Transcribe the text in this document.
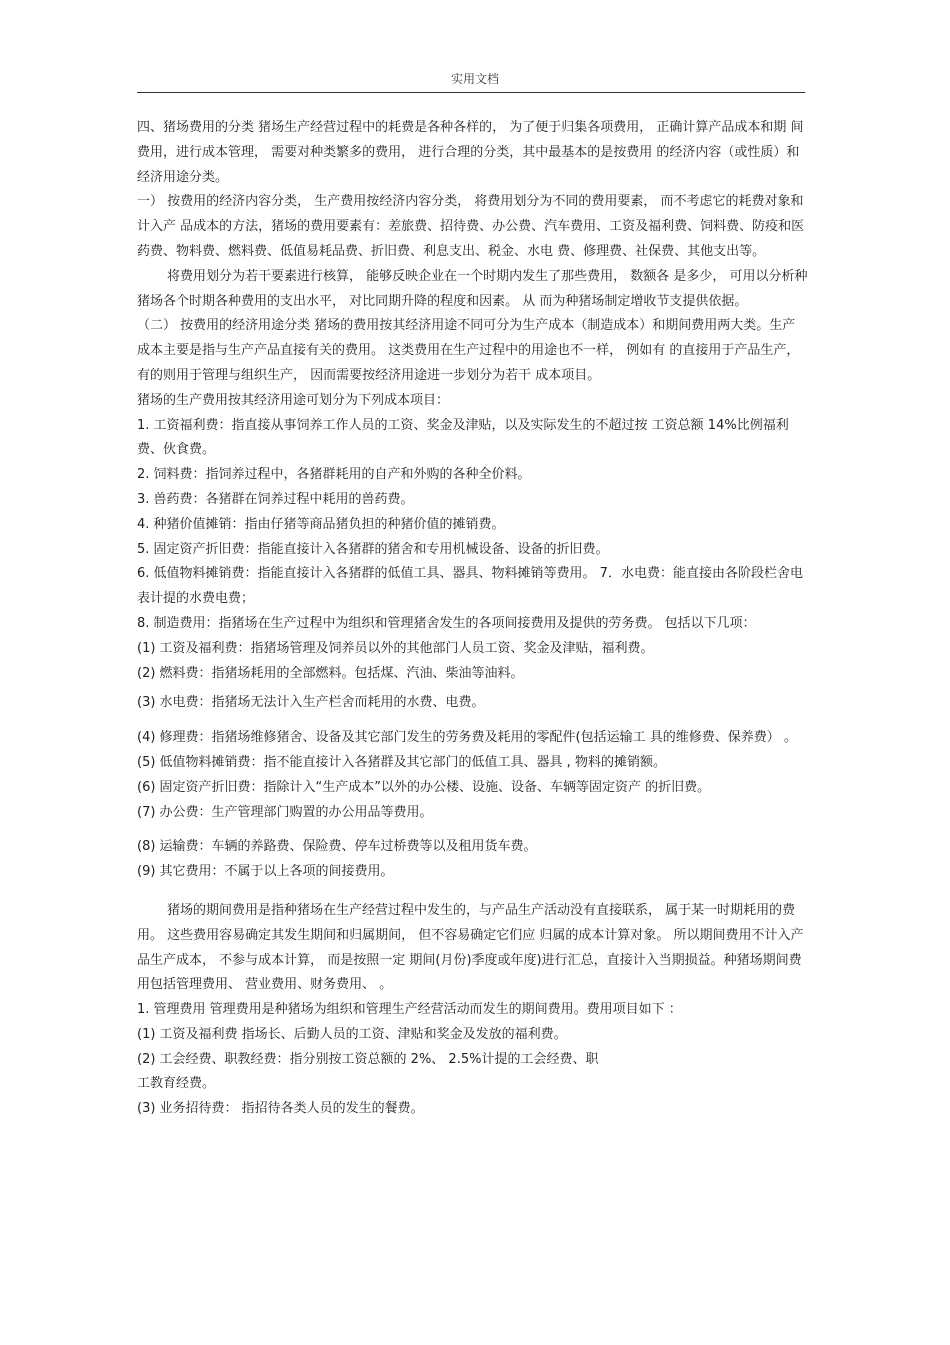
实用文档

四、猪场费用的分类 猪场生产经营过程中的耗费是各种各样的， 为了便于归集各项费用， 正确计算产品成本和期 间费用，进行成本管理， 需要对种类繁多的费用， 进行合理的分类，其中最基本的是按费用 的经济内容（或性质）和经济用途分类。

一） 按费用的经济内容分类， 生产费用按经济内容分类， 将费用划分为不同的费用要素， 而不考虑它的耗费对象和计入产 品成本的方法，猪场的费用要素有：差旅费、招待费、办公费、汽车费用、工资及福利费、饲料费、防疫和医药费、物料费、燃料费、低值易耗品费、折旧费、利息支出、税金、水电 费、修理费、社保费、其他支出等。

将费用划分为若干要素进行核算， 能够反映企业在一个时期内发生了那些费用， 数额各 是多少， 可用以分析种猪场各个时期各种费用的支出水平， 对比同期升降的程度和因素。 从 而为种猪场制定增收节支提供依据。

（二） 按费用的经济用途分类 猪场的费用按其经济用途不同可分为生产成本（制造成本）和期间费用两大类。生产 成本主要是指与生产产品直接有关的费用。 这类费用在生产过程中的用途也不一样， 例如有 的直接用于产品生产， 有的则用于管理与组织生产， 因而需要按经济用途进一步划分为若干 成本项目。

猪场的生产费用按其经济用途可划分为下列成本项目：

1. 工资福利费：指直接从事饲养工作人员的工资、奖金及津贴，以及实际发生的不超过按 工资总额 14%比例福利费、伙食费。

2. 饲料费：指饲养过程中，各猪群耗用的自产和外购的各种全价料。

3. 兽药费：各猪群在饲养过程中耗用的兽药费。

4. 种猪价值摊销：指由仔猪等商品猪负担的种猪价值的摊销费。

5. 固定资产折旧费：指能直接计入各猪群的猪舍和专用机械设备、设备的折旧费。

6. 低值物料摊销费：指能直接计入各猪群的低值工具、器具、物料摊销等费用。 7．水电费：能直接由各阶段栏舍电表计提的水费电费；

8. 制造费用：指猪场在生产过程中为组织和管理猪舍发生的各项间接费用及提供的劳务费。 包括以下几项：

(1) 工资及福利费：指猪场管理及饲养员以外的其他部门人员工资、奖金及津贴，福利费。

(2) 燃料费：指猪场耗用的全部燃料。包括煤、汽油、柴油等油料。

(3) 水电费：指猪场无法计入生产栏舍而耗用的水费、电费。

(4) 修理费：指猪场维修猪舍、设备及其它部门发生的劳务费及耗用的零配件(包括运输工 具的维修费、保养费） 。

(5) 低值物料摊销费：指不能直接计入各猪群及其它部门的低值工具、器具 , 物料的摊销额。

(6) 固定资产折旧费：指除计入“生产成本”以外的办公楼、设施、设备、车辆等固定资产 的折旧费。

(7) 办公费：生产管理部门购置的办公用品等费用。

(8) 运输费：车辆的养路费、保险费、停车过桥费等以及租用货车费。

(9) 其它费用：不属于以上各项的间接费用。

猪场的期间费用是指种猪场在生产经营过程中发生的，与产品生产活动没有直接联系， 属于某一时期耗用的费用。 这些费用容易确定其发生期间和归属期间， 但不容易确定它们应 归属的成本计算对象。 所以期间费用不计入产品生产成本， 不参与成本计算， 而是按照一定 期间(月份)季度或年度)进行汇总，直接计入当期损益。种猪场期间费用包括管理费用、 营业费用、财务费用、 。

1. 管理费用 管理费用是种猪场为组织和管理生产经营活动而发生的期间费用。费用项目如下 ：

(1) 工资及福利费 指场长、后勤人员的工资、津贴和奖金及发放的福利费。

(2) 工会经费、职教经费：指分别按工资总额的 2%、 2.5%计提的工会经费、职

工教育经费。

(3) 业务招待费： 指招待各类人员的发生的餐费。
